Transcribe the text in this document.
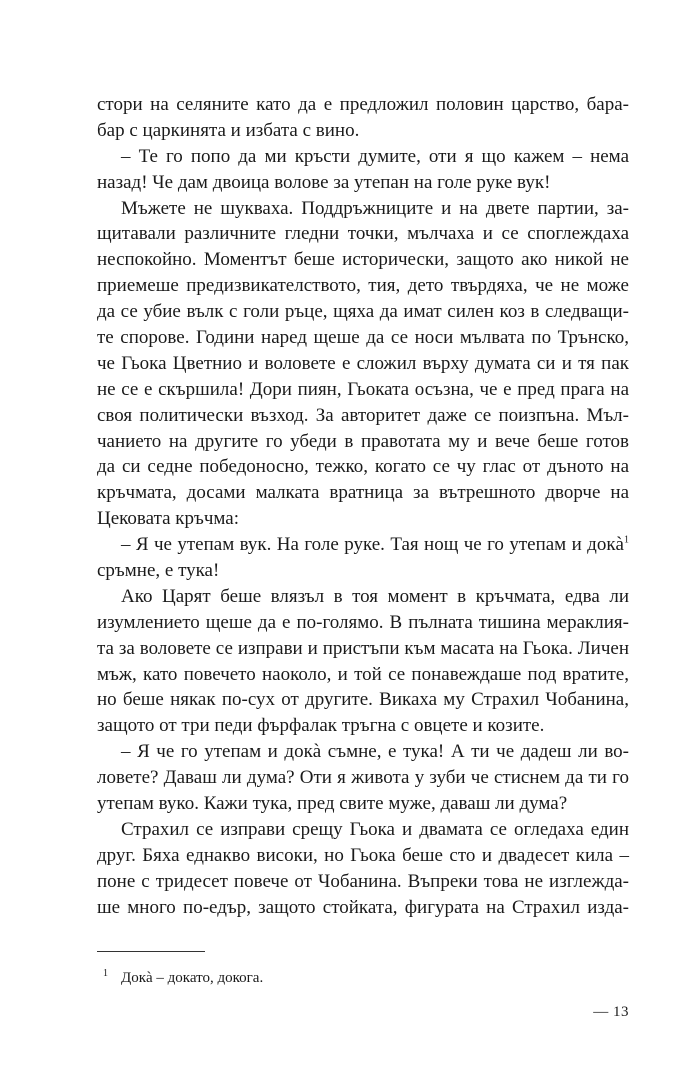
стори на селяните като да е предложил половин царство, бара-
бар с царкинята и избата с вино.
– Те го попо да ми кръсти думите, оти я що кажем – нема
назад! Че дам двоица волове за утепан на голе руке вук!
Мъжете не шукваха. Поддръжниците и на двете партии, за-
щитавали различните гледни точки, мълчаха и се споглеждаха
неспокойно. Моментът беше исторически, защото ако никой не
приемеше предизвикателството, тия, дето твърдяха, че не може
да се убие вълк с голи ръце, щяха да имат силен коз в следващи-
те спорове. Години наред щеше да се носи мълвата по Трънско,
че Гьока Цветнио и воловете е сложил върху думата си и тя пак
не се е скършила! Дори пиян, Гьоката осъзна, че е пред прага на
своя политически възход. За авторитет даже се поизпъна. Мъл-
чанието на другите го убеди в правотата му и вече беше готов
да си седне победоносно, тежко, когато се чу глас от дъното на
кръчмата, досами малката вратница за вътрешното дворче на
Цековата кръчма:
– Я че утепам вук. На голе руке. Тая нощ че го утепам и докà$^1$
сръмне, е тука!
Ако Царят беше влязъл в тоя момент в кръчмата, едва ли
изумлението щеше да е по-голямо. В пълната тишина мераклия-
та за воловете се изправи и пристъпи към масата на Гьока. Личен
мъж, като повечето наоколо, и той се понавеждаше под вратите,
но беше някак по-сух от другите. Викаха му Страхил Чобанина,
защото от три педи фърфалак тръгна с овцете и козите.
– Я че го утепам и докà съмне, е тука! А ти че дадеш ли во-
ловете? Даваш ли дума? Оти я живота у зуби че стиснем да ти го
утепам вуко. Кажи тука, пред свите муже, даваш ли дума?
Страхил се изправи срещу Гьока и двамата се огледаха един
друг. Бяха еднакво високи, но Гьока беше сто и двадесет кила –
поне с тридесет повече от Чобанина. Въпреки това не изглежда-
ше много по-едър, защото стойката, фигурата на Страхил изда-
1 Докà – докато, докога.
— 13
